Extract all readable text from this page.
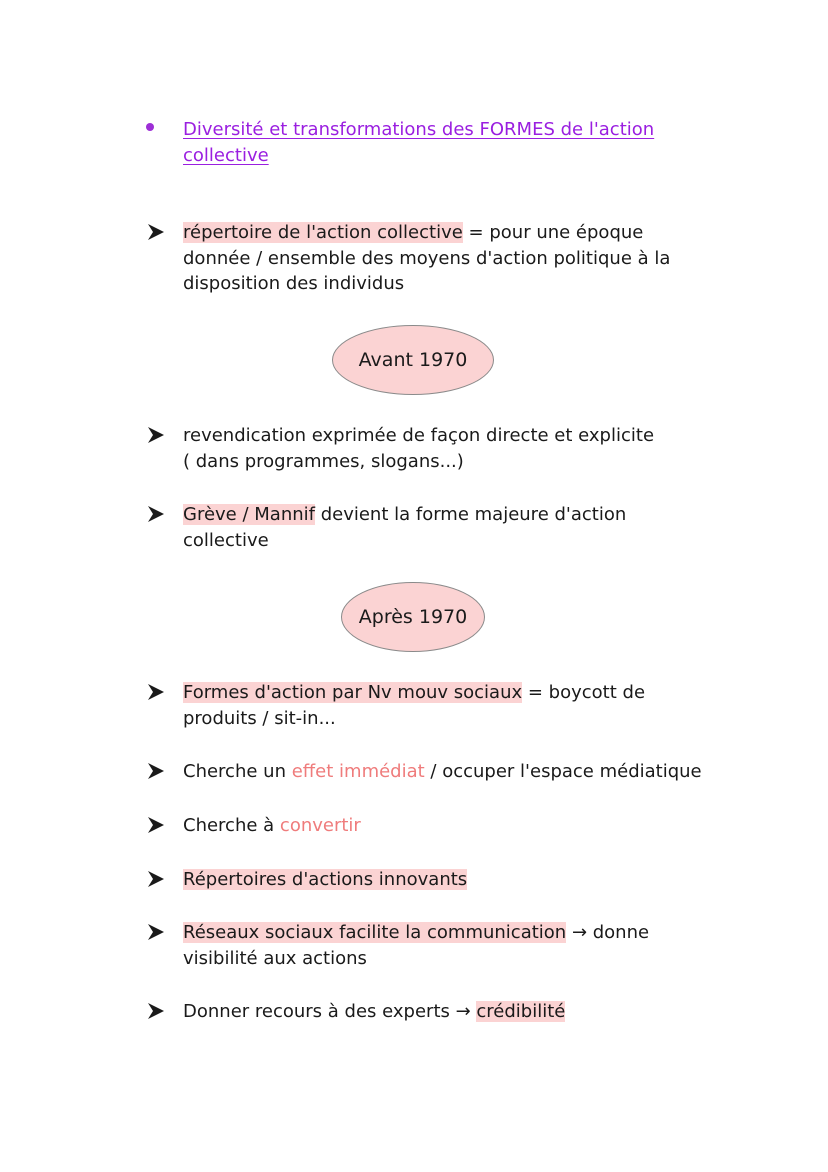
Diversité et transformations des FORMES de l'action
collective
répertoire de l'action collective = pour une époque
donnée / ensemble des moyens d'action politique à la
disposition des individus
Avant 1970
revendication exprimée de façon directe et explicite
( dans programmes, slogans...)
Grève / Mannif devient la forme majeure d'action
collective
Après 1970
Formes d'action par Nv mouv sociaux = boycott de
produits / sit-in...
Cherche un effet immédiat / occuper l'espace médiatique
Cherche à convertir
Répertoires d'actions innovants
Réseaux sociaux facilite la communication → donne
visibilité aux actions
Donner recours à des experts → crédibilité
